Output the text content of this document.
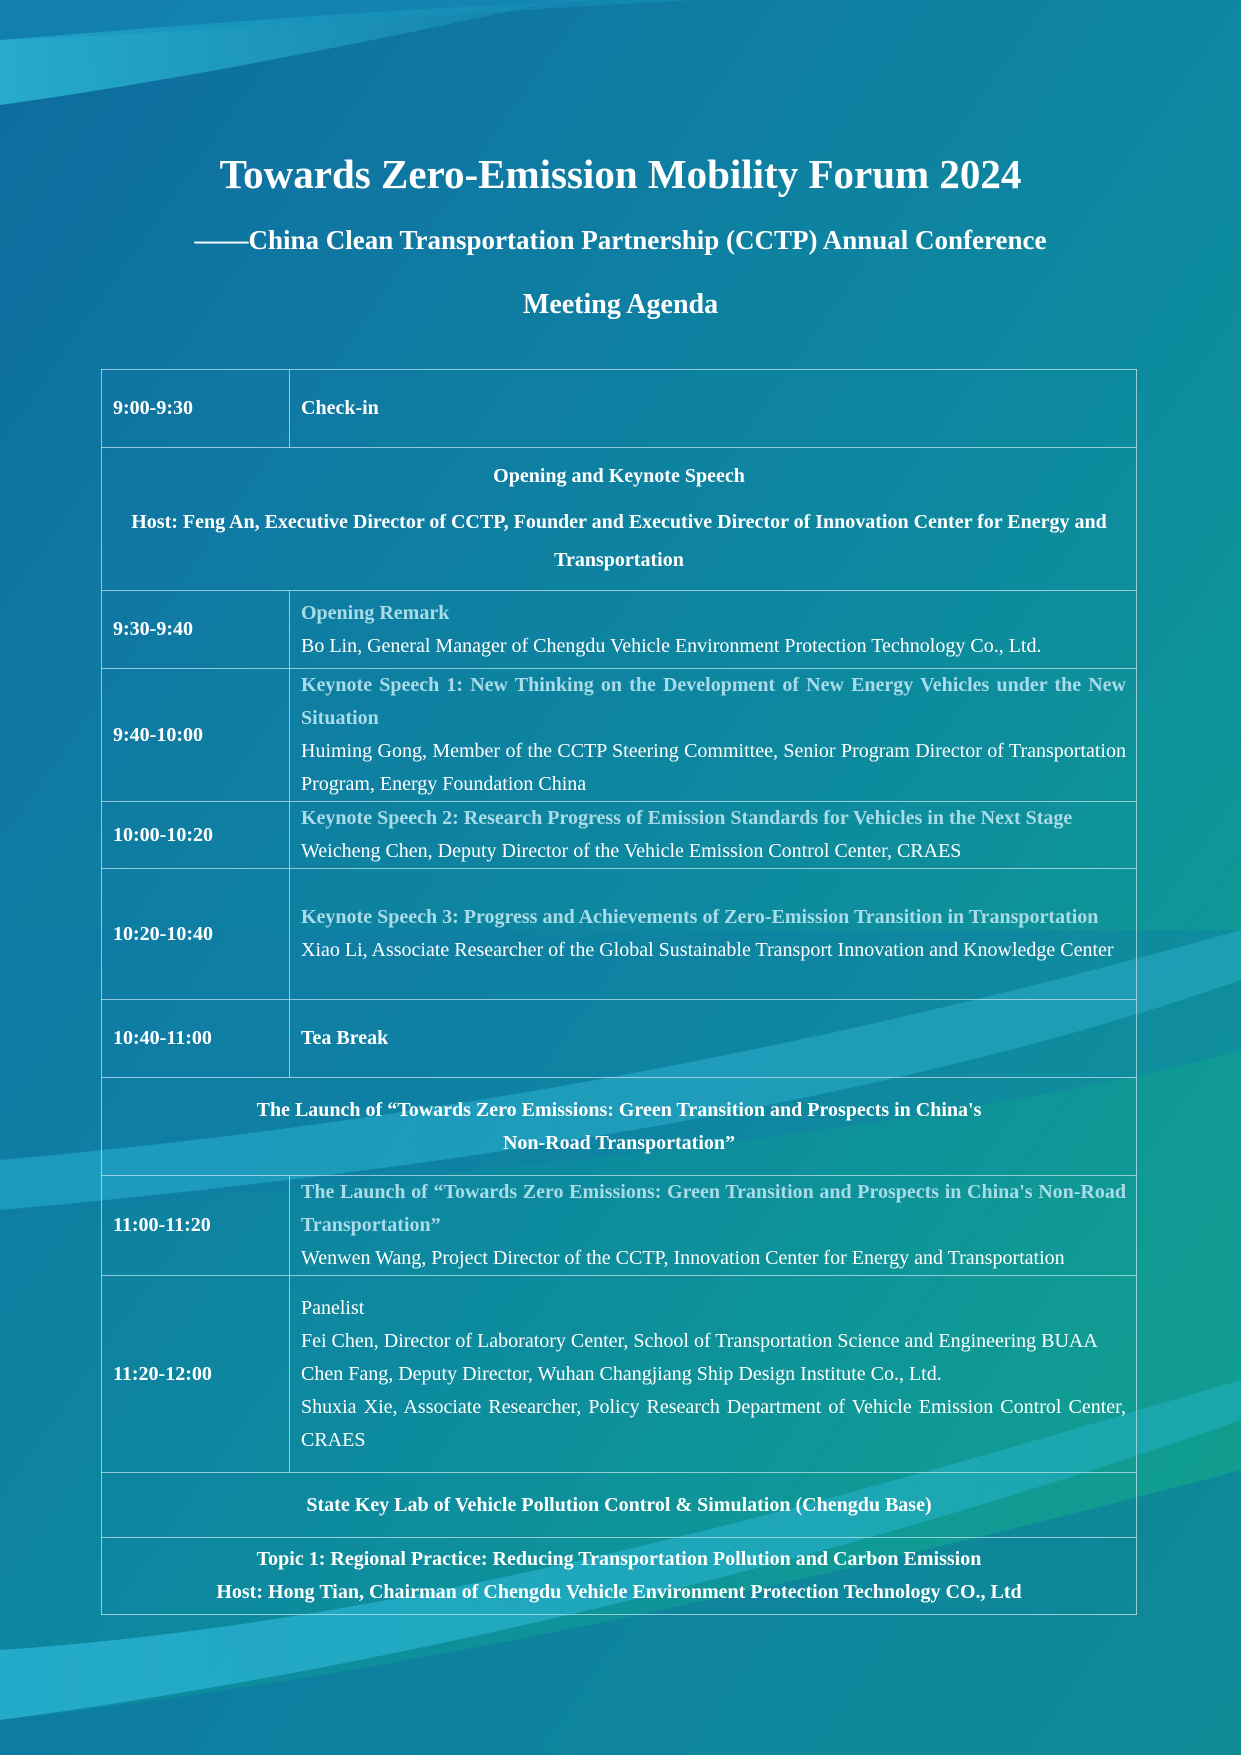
Towards Zero-Emission Mobility Forum 2024
——China Clean Transportation Partnership (CCTP) Annual Conference
Meeting Agenda
9:00-9:30	Check-in

Opening and Keynote Speech
Host: Feng An, Executive Director of CCTP, Founder and Executive Director of Innovation Center for Energy and Transportation	

9:30-9:40	Opening Remark
Bo Lin, General Manager of Chengdu Vehicle Environment Protection Technology Co., Ltd.

9:40-10:00	Keynote Speech 1: New Thinking on the Development of New Energy Vehicles under the New Situation
Huiming Gong, Member of the CCTP Steering Committee, Senior Program Director of Transportation Program, Energy Foundation China

10:00-10:20	Keynote Speech 2: Research Progress of Emission Standards for Vehicles in the Next Stage
Weicheng Chen, Deputy Director of the Vehicle Emission Control Center, CRAES

10:20-10:40	Keynote Speech 3: Progress and Achievements of Zero-Emission Transition in Transportation
Xiao Li, Associate Researcher of the Global Sustainable Transport Innovation and Knowledge Center

10:40-11:00	Tea Break

The Launch of “Towards Zero Emissions: Green Transition and Prospects in China's Non-Road Transportation”	

11:00-11:20	The Launch of “Towards Zero Emissions: Green Transition and Prospects in China's Non-Road Transportation”
Wenwen Wang, Project Director of the CCTP, Innovation Center for Energy and Transportation

11:20-12:00	Panelist
Fei Chen, Director of Laboratory Center, School of Transportation Science and Engineering BUAA
Chen Fang, Deputy Director, Wuhan Changjiang Ship Design Institute Co., Ltd.
Shuxia Xie, Associate Researcher, Policy Research Department of Vehicle Emission Control Center, CRAES

State Key Lab of Vehicle Pollution Control & Simulation (Chengdu Base)	

Topic 1: Regional Practice: Reducing Transportation Pollution and Carbon Emission
Host: Hong Tian, Chairman of Chengdu Vehicle Environment Protection Technology CO., Ltd	
